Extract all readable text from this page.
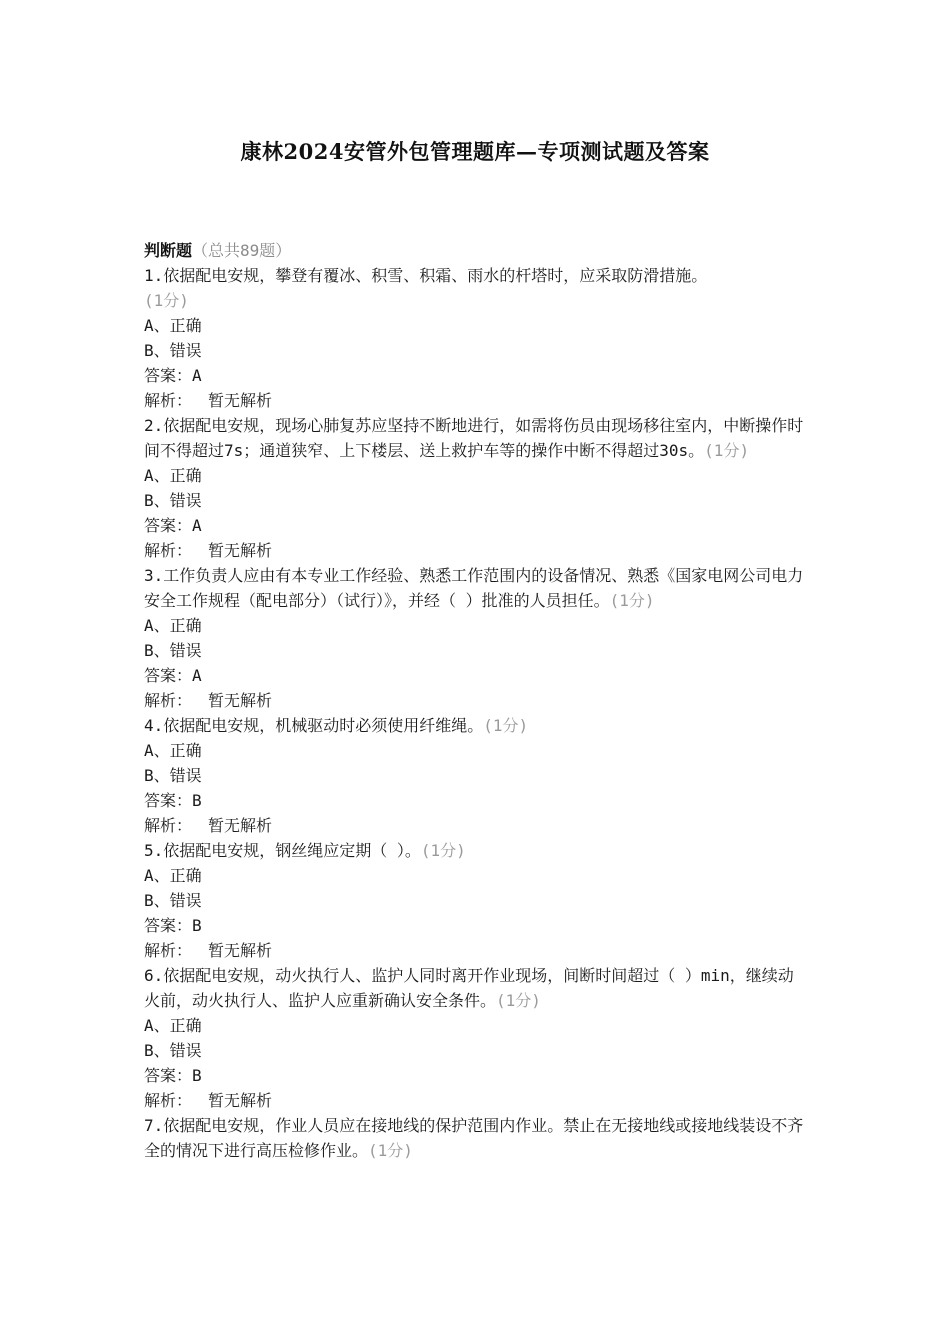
康林2024安管外包管理题库—专项测试题及答案
判断题（总共89题）
1.依据配电安规，攀登有覆冰、积雪、积霜、雨水的杆塔时，应采取防滑措施。
(1分)
A、正确
B、错误
答案：A
解析： 暂无解析
2.依据配电安规，现场心肺复苏应坚持不断地进行，如需将伤员由现场移往室内，中断操作时间不得超过7s；通道狭窄、上下楼层、送上救护车等的操作中断不得超过30s。(1分)
A、正确
B、错误
答案：A
解析： 暂无解析
3.工作负责人应由有本专业工作经验、熟悉工作范围内的设备情况、熟悉《国家电网公司电力安全工作规程（配电部分）（试行）》，并经（ ）批准的人员担任。(1分)
A、正确
B、错误
答案：A
解析： 暂无解析
4.依据配电安规，机械驱动时必须使用纤维绳。(1分)
A、正确
B、错误
答案：B
解析： 暂无解析
5.依据配电安规，钢丝绳应定期（ ）。(1分)
A、正确
B、错误
答案：B
解析： 暂无解析
6.依据配电安规，动火执行人、监护人同时离开作业现场，间断时间超过（ ）min，继续动火前，动火执行人、监护人应重新确认安全条件。(1分)
A、正确
B、错误
答案：B
解析： 暂无解析
7.依据配电安规，作业人员应在接地线的保护范围内作业。禁止在无接地线或接地线装设不齐全的情况下进行高压检修作业。(1分)
